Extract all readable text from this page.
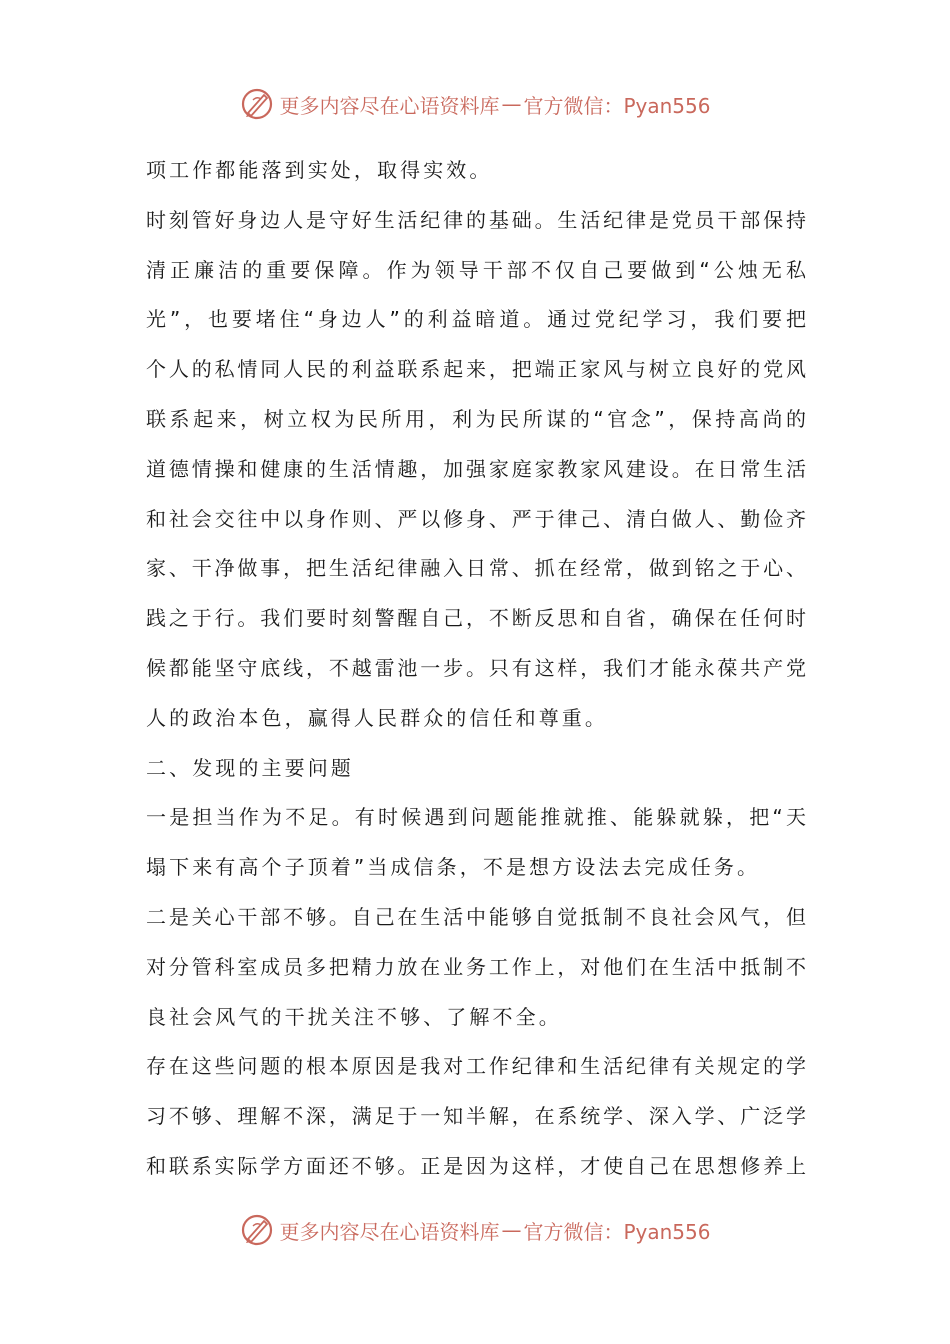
更多内容尽在心语资料库 — 官方微信：Pyan556
项工作都能落到实处，取得实效。
时刻管好身边人是守好生活纪律的基础。生活纪律是党员干部保持
清正廉洁的重要保障。作为领导干部不仅自己要做到“公烛无私
光”，也要堵住“身边人”的利益暗道。通过党纪学习，我们要把
个人的私情同人民的利益联系起来，把端正家风与树立良好的党风
联系起来，树立权为民所用，利为民所谋的“官念”，保持高尚的
道德情操和健康的生活情趣，加强家庭家教家风建设。在日常生活
和社会交往中以身作则、严以修身、严于律己、清白做人、勤俭齐
家、干净做事，把生活纪律融入日常、抓在经常，做到铭之于心、
践之于行。我们要时刻警醒自己，不断反思和自省，确保在任何时
候都能坚守底线，不越雷池一步。只有这样，我们才能永葆共产党
人的政治本色，赢得人民群众的信任和尊重。
二、发现的主要问题
一是担当作为不足。有时候遇到问题能推就推、能躲就躲，把“天
塌下来有高个子顶着”当成信条，不是想方设法去完成任务。
二是关心干部不够。自己在生活中能够自觉抵制不良社会风气，但
对分管科室成员多把精力放在业务工作上，对他们在生活中抵制不
良社会风气的干扰关注不够、了解不全。
存在这些问题的根本原因是我对工作纪律和生活纪律有关规定的学
习不够、理解不深，满足于一知半解，在系统学、深入学、广泛学
和联系实际学方面还不够。正是因为这样，才使自己在思想修养上
更多内容尽在心语资料库 — 官方微信：Pyan556
